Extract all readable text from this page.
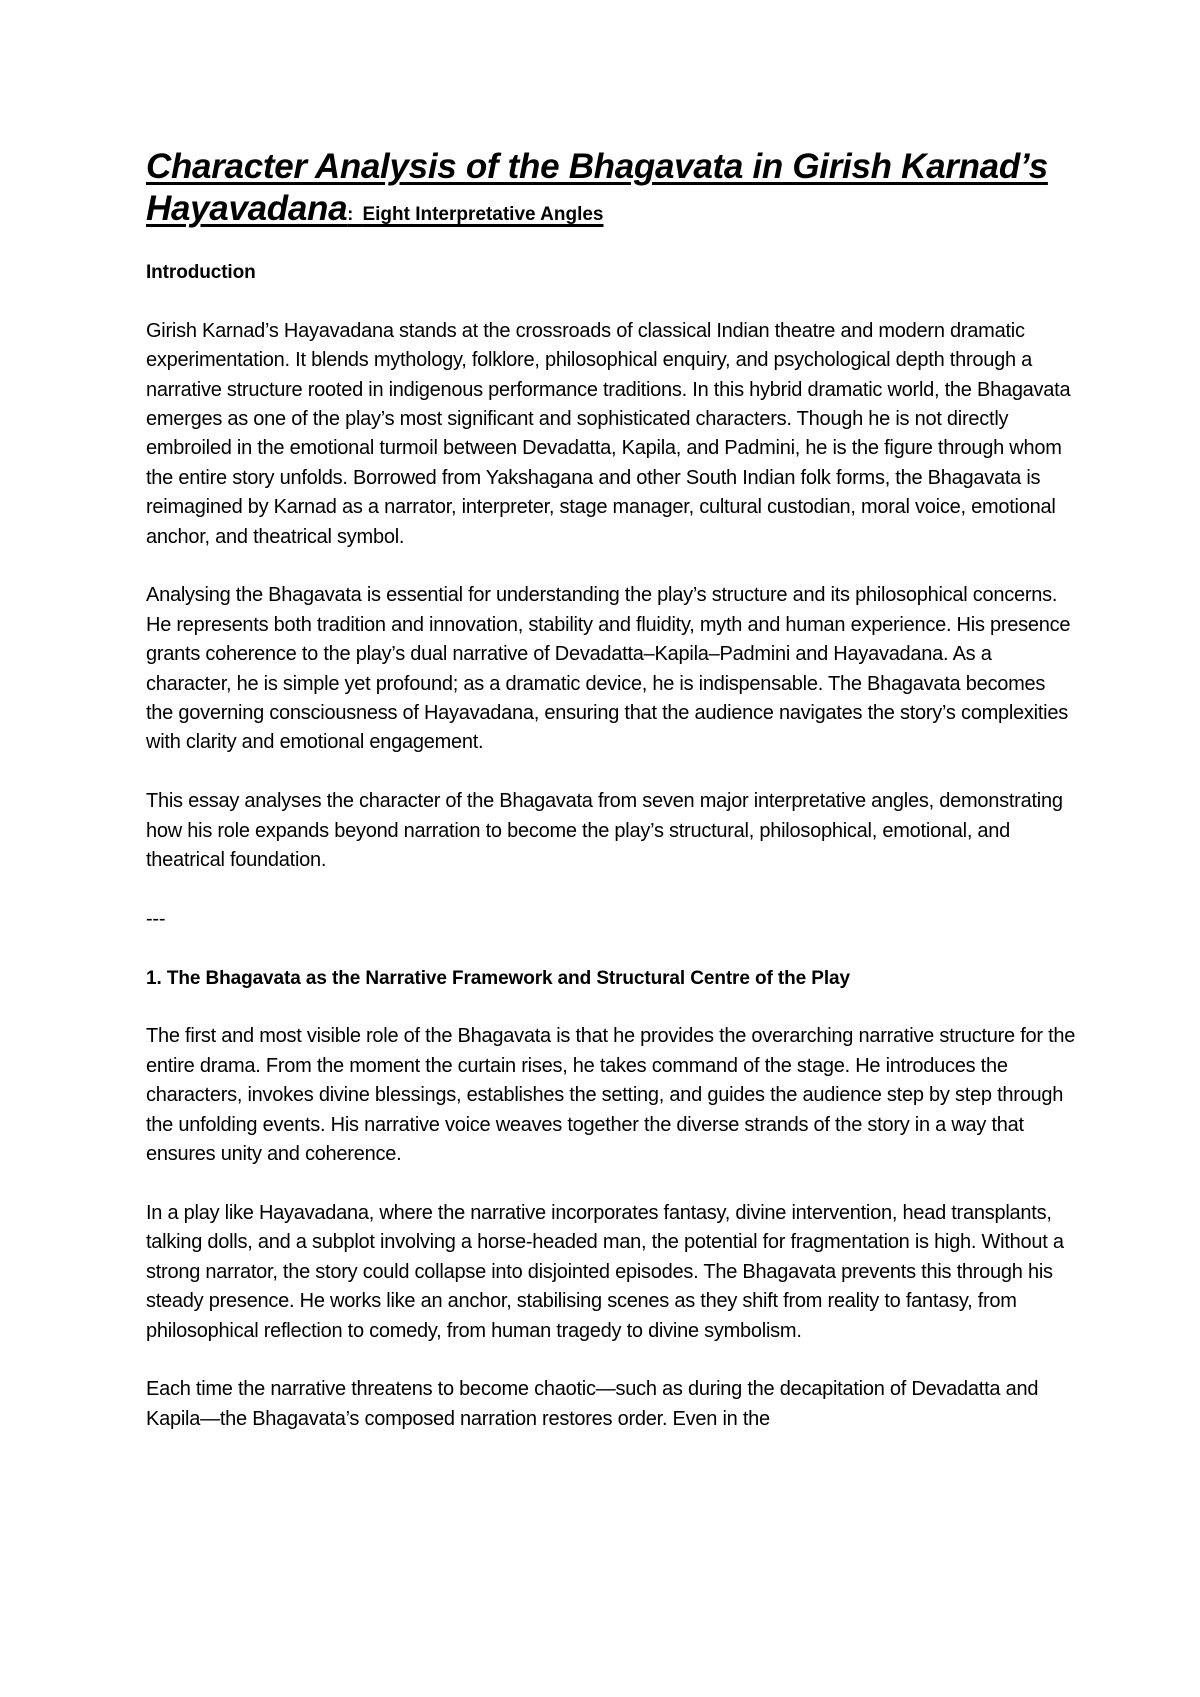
Character Analysis of the Bhagavata in Girish Karnad’s Hayavadana: Eight Interpretative Angles
Introduction

Girish Karnad’s Hayavadana stands at the crossroads of classical Indian theatre and modern dramatic experimentation. It blends mythology, folklore, philosophical enquiry, and psychological depth through a narrative structure rooted in indigenous performance traditions. In this hybrid dramatic world, the Bhagavata emerges as one of the play’s most significant and sophisticated characters. Though he is not directly embroiled in the emotional turmoil between Devadatta, Kapila, and Padmini, he is the figure through whom the entire story unfolds. Borrowed from Yakshagana and other South Indian folk forms, the Bhagavata is reimagined by Karnad as a narrator, interpreter, stage manager, cultural custodian, moral voice, emotional anchor, and theatrical symbol.

Analysing the Bhagavata is essential for understanding the play’s structure and its philosophical concerns. He represents both tradition and innovation, stability and fluidity, myth and human experience. His presence grants coherence to the play’s dual narrative of Devadatta–Kapila–Padmini and Hayavadana. As a character, he is simple yet profound; as a dramatic device, he is indispensable. The Bhagavata becomes the governing consciousness of Hayavadana, ensuring that the audience navigates the story’s complexities with clarity and emotional engagement.

This essay analyses the character of the Bhagavata from seven major interpretative angles, demonstrating how his role expands beyond narration to become the play’s structural, philosophical, emotional, and theatrical foundation.

---

1. The Bhagavata as the Narrative Framework and Structural Centre of the Play

The first and most visible role of the Bhagavata is that he provides the overarching narrative structure for the entire drama. From the moment the curtain rises, he takes command of the stage. He introduces the characters, invokes divine blessings, establishes the setting, and guides the audience step by step through the unfolding events. His narrative voice weaves together the diverse strands of the story in a way that ensures unity and coherence.

In a play like Hayavadana, where the narrative incorporates fantasy, divine intervention, head transplants, talking dolls, and a subplot involving a horse-headed man, the potential for fragmentation is high. Without a strong narrator, the story could collapse into disjointed episodes. The Bhagavata prevents this through his steady presence. He works like an anchor, stabilising scenes as they shift from reality to fantasy, from philosophical reflection to comedy, from human tragedy to divine symbolism.

Each time the narrative threatens to become chaotic—such as during the decapitation of Devadatta and Kapila—the Bhagavata’s composed narration restores order. Even in the
